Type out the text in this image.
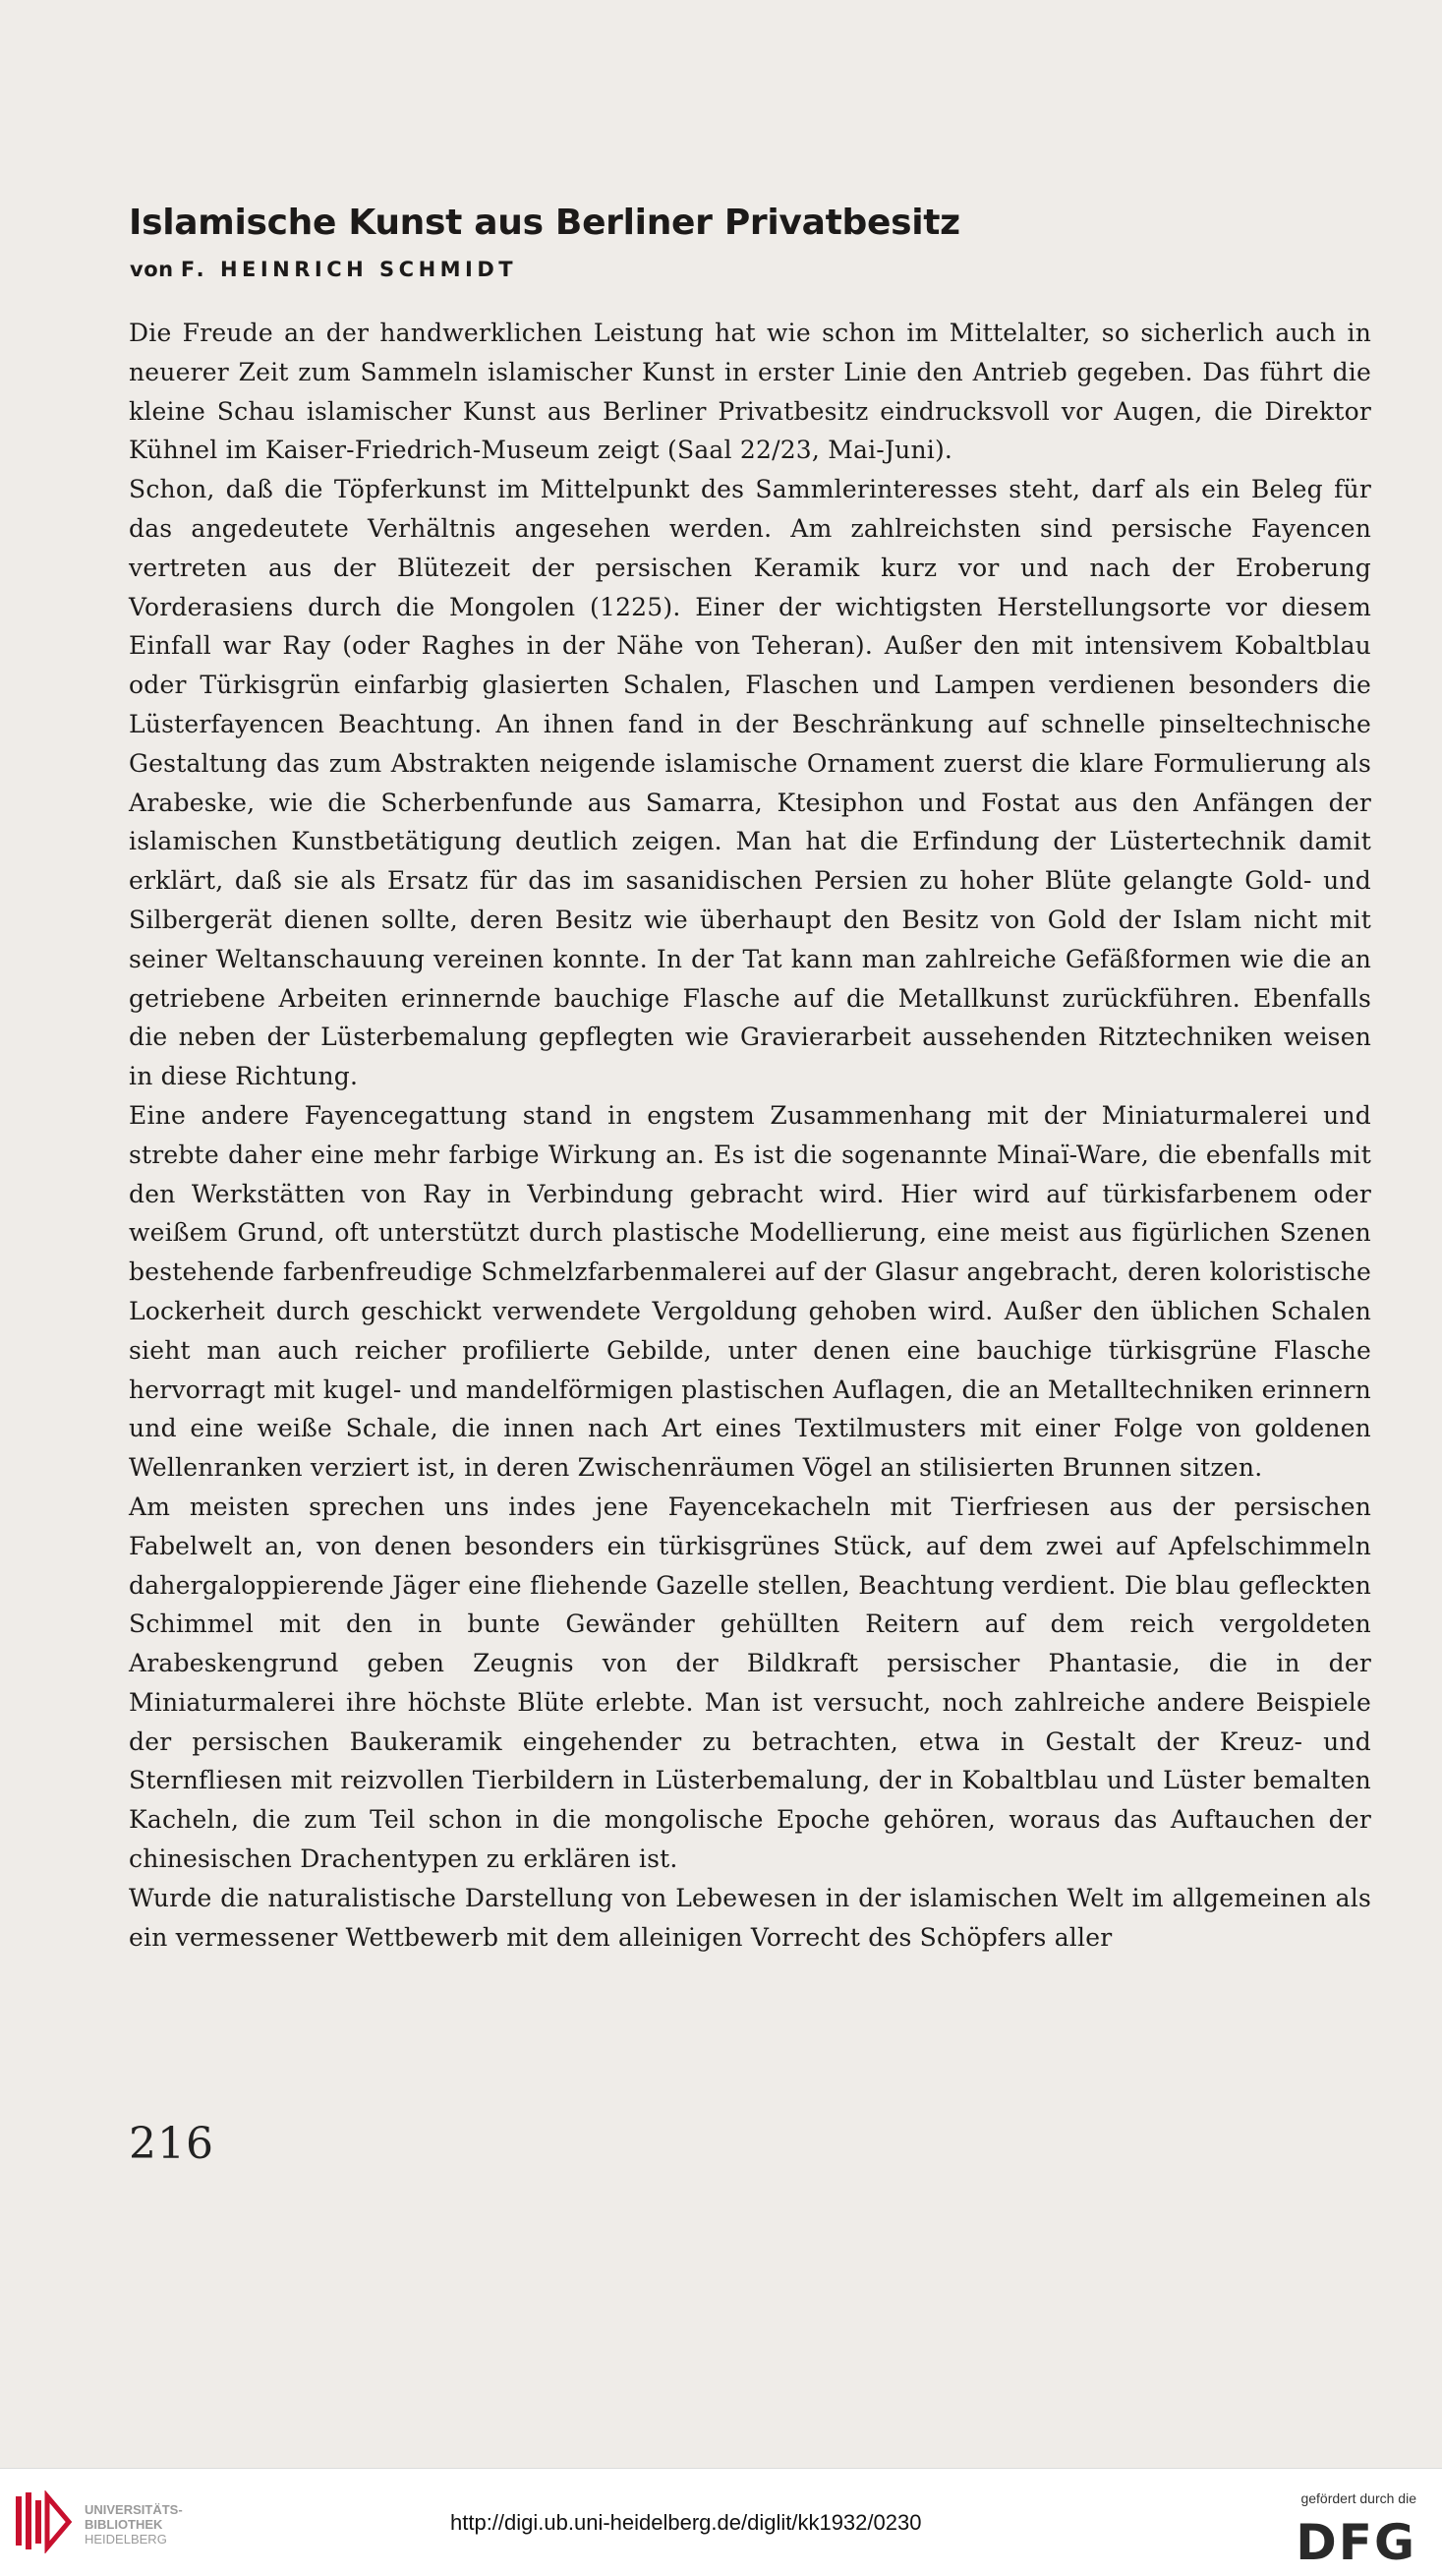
Islamische Kunst aus Berliner Privatbesitz

von F. HEINRICH SCHMIDT

Die Freude an der handwerklichen Leistung hat wie schon im Mittelalter, so sicherlich auch in neuerer Zeit zum Sammeln islamischer Kunst in erster Linie den Antrieb gegeben. Das führt die kleine Schau islamischer Kunst aus Berliner Privatbesitz eindrucksvoll vor Augen, die Direktor Kühnel im Kaiser-Friedrich-Museum zeigt (Saal 22/23, Mai-Juni).

Schon, daß die Töpferkunst im Mittelpunkt des Sammlerinteresses steht, darf als ein Beleg für das angedeutete Verhältnis angesehen werden. Am zahlreichsten sind persische Fayencen vertreten aus der Blütezeit der persischen Keramik kurz vor und nach der Eroberung Vorderasiens durch die Mongolen (1225). Einer der wichtigsten Herstellungsorte vor diesem Einfall war Ray (oder Raghes in der Nähe von Teheran). Außer den mit intensivem Kobaltblau oder Türkisgrün einfarbig glasierten Schalen, Flaschen und Lampen verdienen besonders die Lüsterfayencen Beachtung. An ihnen fand in der Beschränkung auf schnelle pinseltechnische Gestaltung das zum Abstrakten neigende islamische Ornament zuerst die klare Formulierung als Arabeske, wie die Scherbenfunde aus Samarra, Ktesiphon und Fostat aus den Anfängen der islamischen Kunstbetätigung deutlich zeigen. Man hat die Erfindung der Lüstertechnik damit erklärt, daß sie als Ersatz für das im sasanidischen Persien zu hoher Blüte gelangte Gold- und Silbergerät dienen sollte, deren Besitz wie überhaupt den Besitz von Gold der Islam nicht mit seiner Weltanschauung vereinen konnte. In der Tat kann man zahlreiche Gefäßformen wie die an getriebene Arbeiten erinnernde bauchige Flasche auf die Metallkunst zurückführen. Ebenfalls die neben der Lüsterbemalung gepflegten wie Gravierarbeit aussehenden Ritztechniken weisen in diese Richtung.

Eine andere Fayencegattung stand in engstem Zusammenhang mit der Miniaturmalerei und strebte daher eine mehr farbige Wirkung an. Es ist die sogenannte Minaï-Ware, die ebenfalls mit den Werkstätten von Ray in Verbindung gebracht wird. Hier wird auf türkisfarbenem oder weißem Grund, oft unterstützt durch plastische Modellierung, eine meist aus figürlichen Szenen bestehende farbenfreudige Schmelzfarbenmalerei auf der Glasur angebracht, deren koloristische Lockerheit durch geschickt verwendete Vergoldung gehoben wird. Außer den üblichen Schalen sieht man auch reicher profilierte Gebilde, unter denen eine bauchige türkisgrüne Flasche hervorragt mit kugel- und mandelförmigen plastischen Auflagen, die an Metalltechniken erinnern und eine weiße Schale, die innen nach Art eines Textilmusters mit einer Folge von goldenen Wellenranken verziert ist, in deren Zwischenräumen Vögel an stilisierten Brunnen sitzen.

Am meisten sprechen uns indes jene Fayencekacheln mit Tierfriesen aus der persischen Fabelwelt an, von denen besonders ein türkisgrünes Stück, auf dem zwei auf Apfelschimmeln dahergaloppierende Jäger eine fliehende Gazelle stellen, Beachtung verdient. Die blau gefleckten Schimmel mit den in bunte Gewänder gehüllten Reitern auf dem reich vergoldeten Arabeskengrund geben Zeugnis von der Bildkraft persischer Phantasie, die in der Miniaturmalerei ihre höchste Blüte erlebte. Man ist versucht, noch zahlreiche andere Beispiele der persischen Baukeramik eingehender zu betrachten, etwa in Gestalt der Kreuz- und Sternfliesen mit reizvollen Tierbildern in Lüsterbemalung, der in Kobaltblau und Lüster bemalten Kacheln, die zum Teil schon in die mongolische Epoche gehören, woraus das Auftauchen der chinesischen Drachentypen zu erklären ist.

Wurde die naturalistische Darstellung von Lebewesen in der islamischen Welt im allgemeinen als ein vermessener Wettbewerb mit dem alleinigen Vorrecht des Schöpfers aller

216

UNIVERSITÄTS-
BIBLIOTHEK
HEIDELBERG
http://digi.ub.uni-heidelberg.de/diglit/kk1932/0230
gefördert durch die
DFG
